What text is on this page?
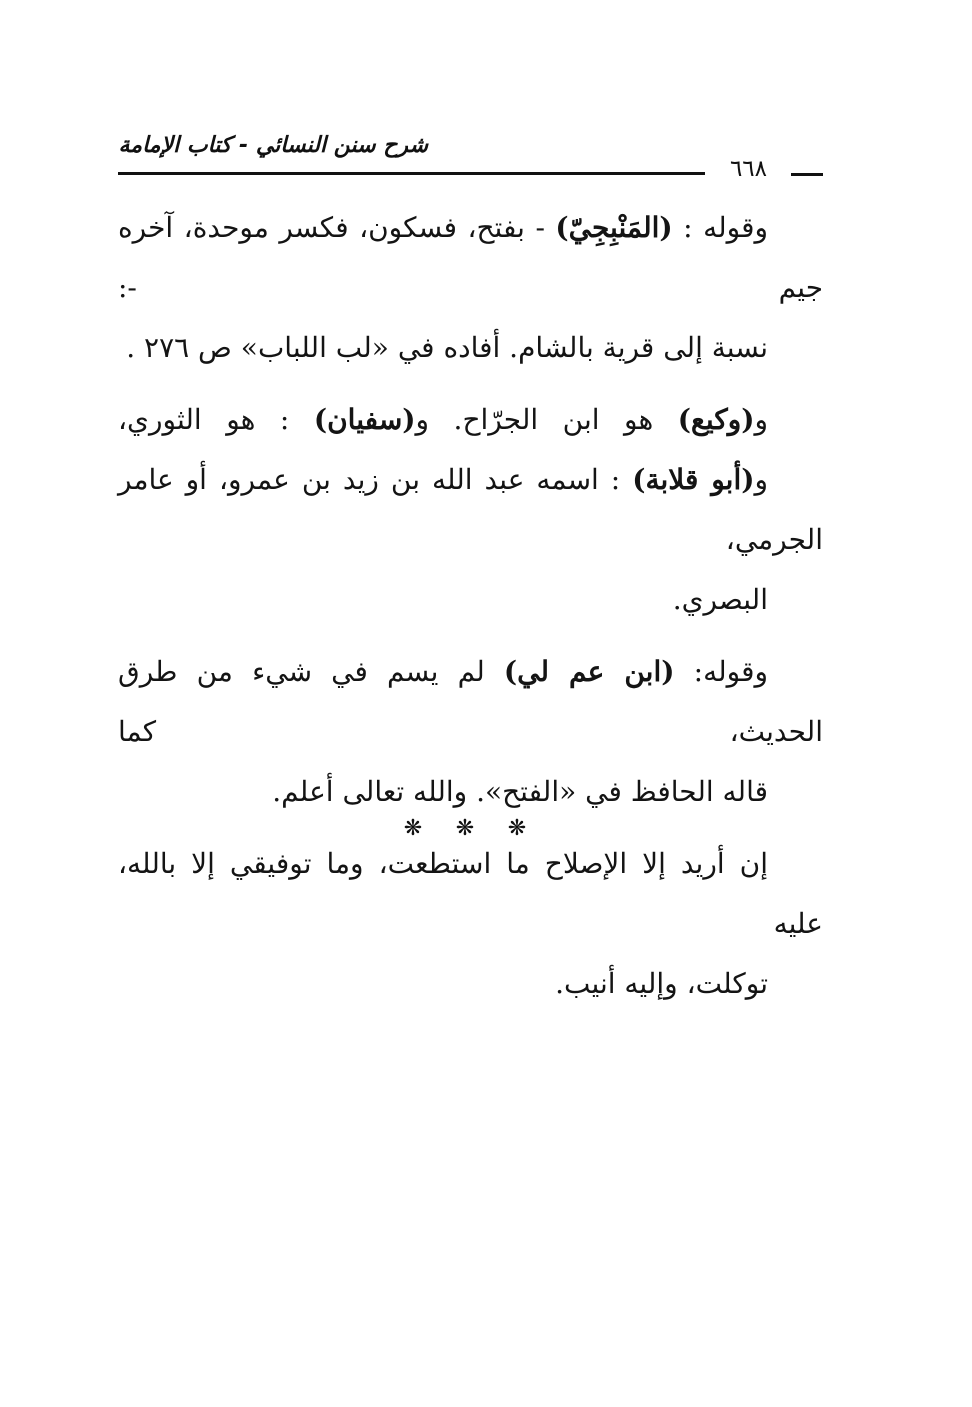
شرح سنن النسائي - كتاب الإمامة
٦٦٨

وقوله : (المَنْبِجِيّ) - بفتح، فسكون، فكسر موحدة، آخره جيم -:
نسبة إلى قرية بالشام. أفاده في «لب اللباب» ص ٢٧٦ .

و(وكيع) هو ابن الجرّاح. و(سفيان) : هو الثوري،
و(أبو قلابة) : اسمه عبد الله بن زيد بن عمرو، أو عامر الجرمي،
البصري.

وقوله: (ابن عم لي) لم يسم في شيء من طرق الحديث، كما
قاله الحافظ في «الفتح». والله تعالى أعلم.

إن أريد إلا الإصلاح ما استطعت، وما توفيقي إلا بالله، عليه
توكلت، وإليه أنيب.

❋ ❋ ❋
